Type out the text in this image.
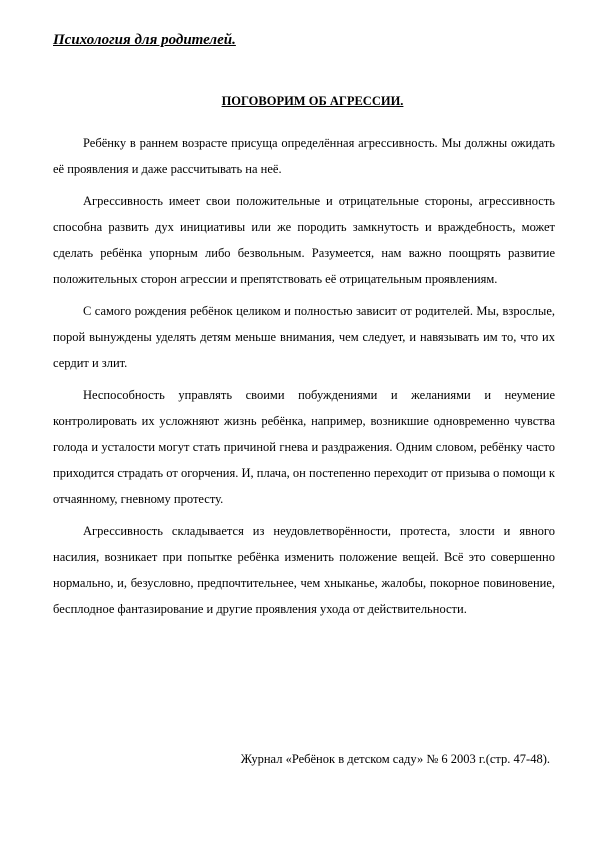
Психология для родителей.
ПОГОВОРИМ ОБ АГРЕССИИ.

Ребёнку в раннем возрасте присуща определённая агрессивность. Мы должны ожидать её проявления и даже рассчитывать на неё.

Агрессивность имеет свои положительные и отрицательные стороны, агрессивность способна развить дух инициативы или же породить замкнутость и враждебность, может сделать ребёнка упорным либо безвольным. Разумеется, нам важно поощрять развитие положительных сторон агрессии и препятствовать её отрицательным проявлениям.

С самого рождения ребёнок целиком и полностью зависит от родителей. Мы, взрослые, порой вынуждены уделять детям меньше внимания, чем следует, и навязывать им то, что их сердит и злит.

Неспособность управлять своими побуждениями и желаниями и неумение контролировать их усложняют жизнь ребёнка, например, возникшие одновременно чувства голода и усталости могут стать причиной гнева и раздражения. Одним словом, ребёнку часто приходится страдать от огорчения. И, плача, он постепенно переходит от призыва о помощи к отчаянному, гневному протесту.

Агрессивность складывается из неудовлетворённости, протеста, злости и явного насилия, возникает при попытке ребёнка изменить положение вещей. Всё это совершенно нормально, и, безусловно, предпочтительнее, чем хныканье, жалобы, покорное повиновение, бесплодное фантазирование и другие проявления ухода от действительности.

Журнал «Ребёнок в детском саду» № 6 2003 г.(стр. 47-48).
